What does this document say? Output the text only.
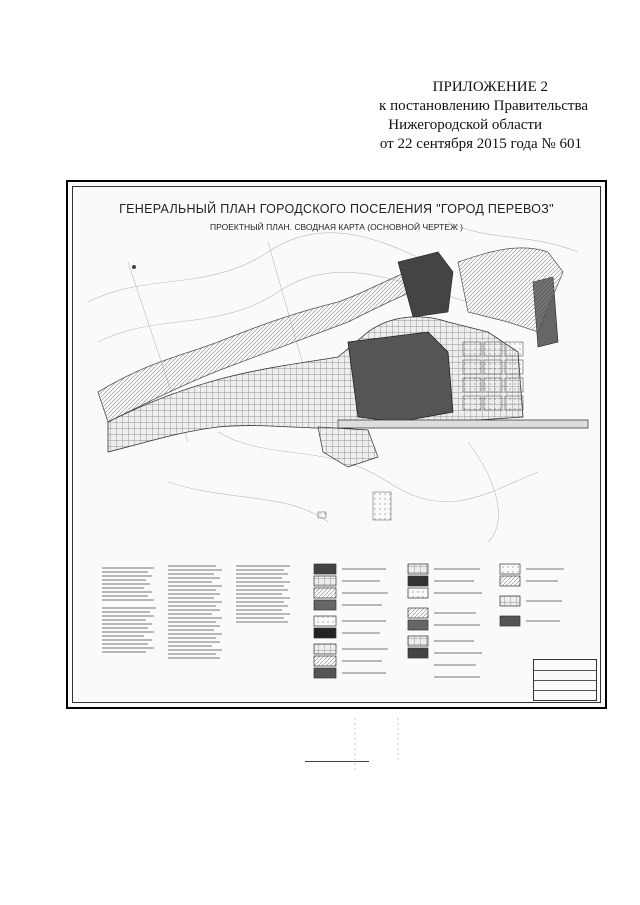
ПРИЛОЖЕНИЕ 2
к постановлению Правительства
Нижегородской области
от 22 сентября 2015 года № 601
ГЕНЕРАЛЬНЫЙ ПЛАН ГОРОДСКОГО ПОСЕЛЕНИЯ "ГОРОД ПЕРЕВОЗ"
ПРОЕКТНЫЙ ПЛАН. СВОДНАЯ КАРТА (ОСНОВНОЙ ЧЕРТЕЖ )
